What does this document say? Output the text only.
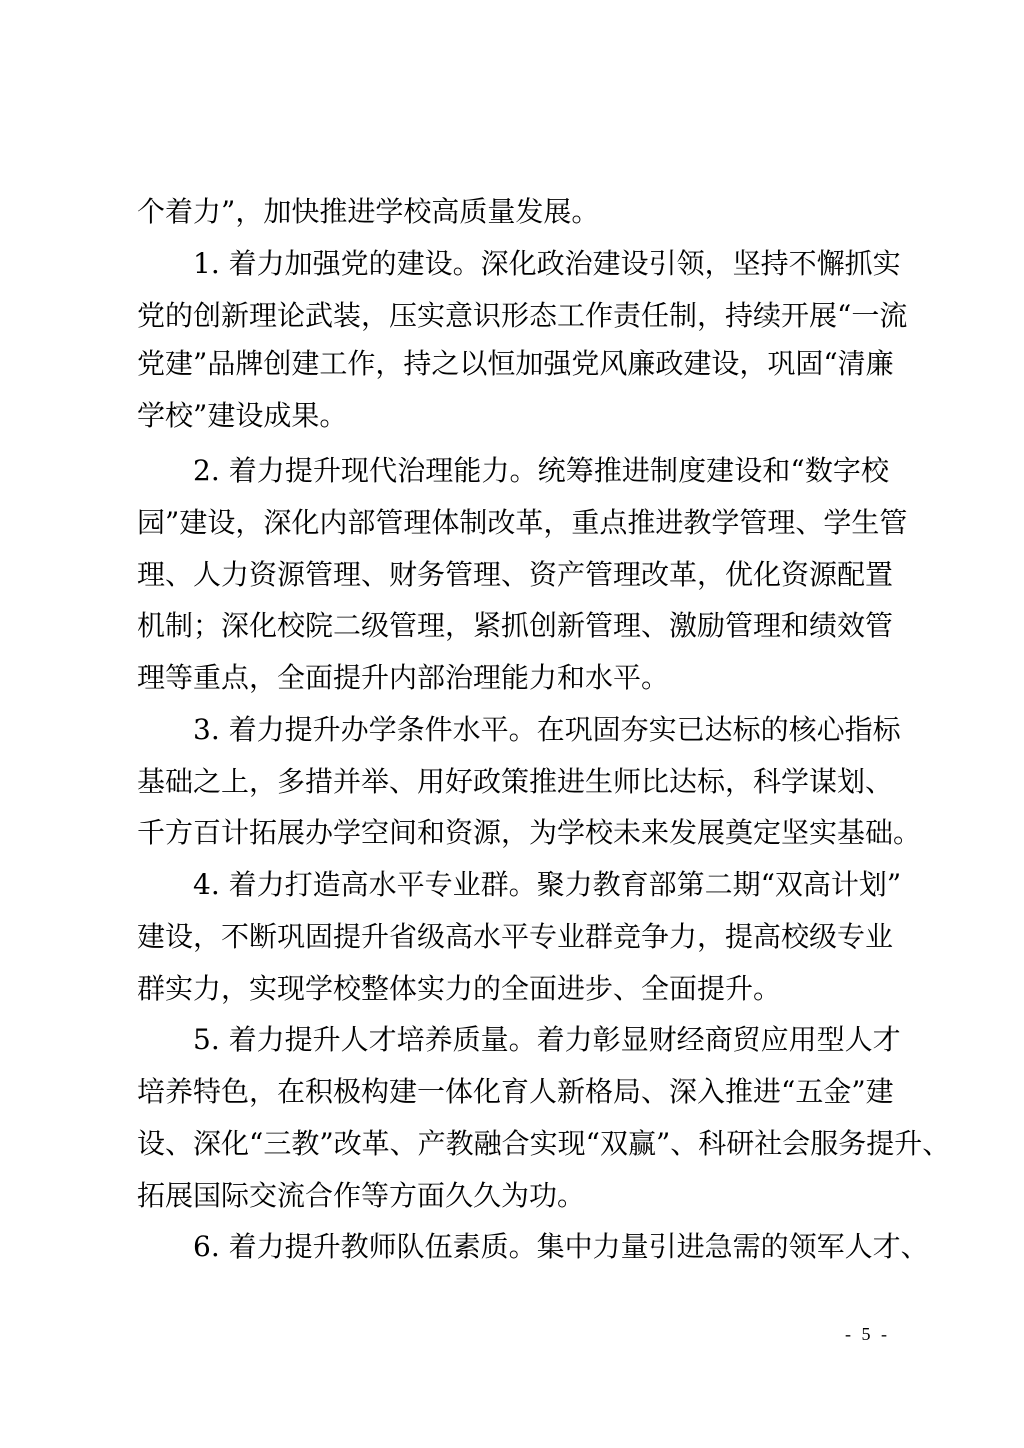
个着力”，加快推进学校高质量发展。
1. 着力加强党的建设。深化政治建设引领，坚持不懈抓实
党的创新理论武装，压实意识形态工作责任制，持续开展“一流
党建”品牌创建工作，持之以恒加强党风廉政建设，巩固“清廉
学校”建设成果。
2. 着力提升现代治理能力。统筹推进制度建设和“数字校
园”建设，深化内部管理体制改革，重点推进教学管理、学生管
理、人力资源管理、财务管理、资产管理改革，优化资源配置
机制；深化校院二级管理，紧抓创新管理、激励管理和绩效管
理等重点，全面提升内部治理能力和水平。
3. 着力提升办学条件水平。在巩固夯实已达标的核心指标
基础之上，多措并举、用好政策推进生师比达标，科学谋划、
千方百计拓展办学空间和资源，为学校未来发展奠定坚实基础。
4. 着力打造高水平专业群。聚力教育部第二期“双高计划”
建设，不断巩固提升省级高水平专业群竞争力，提高校级专业
群实力，实现学校整体实力的全面进步、全面提升。
5. 着力提升人才培养质量。着力彰显财经商贸应用型人才
培养特色，在积极构建一体化育人新格局、深入推进“五金”建
设、深化“三教”改革、产教融合实现“双赢”、科研社会服务提升、
拓展国际交流合作等方面久久为功。
6. 着力提升教师队伍素质。集中力量引进急需的领军人才、
- 5 -
